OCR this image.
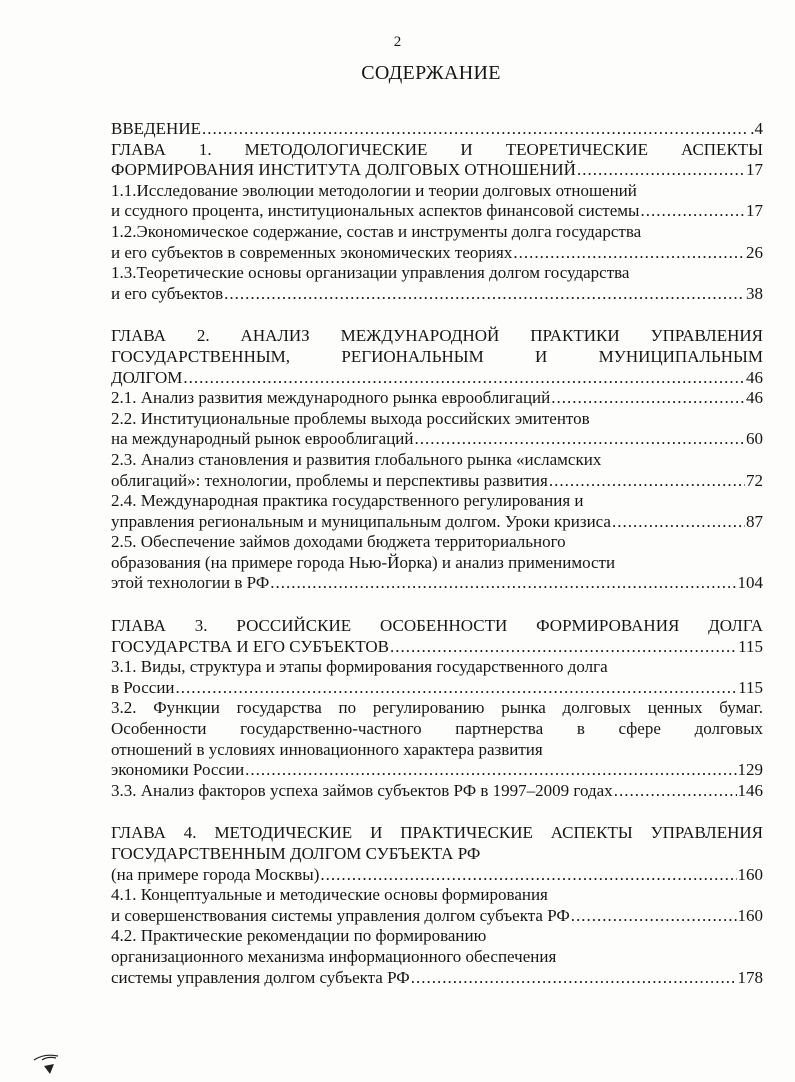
2
СОДЕРЖАНИЕ
ВВЕДЕНИЕ .....	.4
ГЛАВА 1. МЕТОДОЛОГИЧЕСКИЕ И ТЕОРЕТИЧЕСКИЕ АСПЕКТЫ
ФОРМИРОВАНИЯ ИНСТИТУТА ДОЛГОВЫХ ОТНОШЕНИЙ .....	17
1.1.Исследование эволюции методологии и теории долговых отношений
и ссудного процента, институциональных аспектов финансовой системы .....	17
1.2.Экономическое содержание, состав и инструменты долга государства
и его субъектов в современных экономических теориях .....	26
1.3.Теоретические основы организации управления долгом государства
и его субъектов .....	38
ГЛАВА 2. АНАЛИЗ МЕЖДУНАРОДНОЙ ПРАКТИКИ УПРАВЛЕНИЯ
ГОСУДАРСТВЕННЫМ, РЕГИОНАЛЬНЫМ И МУНИЦИПАЛЬНЫМ
ДОЛГОМ .....	46
2.1. Анализ развития международного рынка еврооблигаций .....	46
2.2. Институциональные проблемы выхода российских эмитентов
на международный рынок еврооблигаций .....	60
2.3. Анализ становления и развития глобального рынка «исламских
облигаций»: технологии, проблемы и перспективы развития .....	72
2.4. Международная практика государственного регулирования и
управления региональным и муниципальным долгом. Уроки кризиса .....	87
2.5. Обеспечение займов доходами бюджета территориального
образования (на примере города Нью-Йорка) и анализ применимости
этой технологии в РФ .....	104
ГЛАВА 3. РОССИЙСКИЕ ОСОБЕННОСТИ ФОРМИРОВАНИЯ ДОЛГА
ГОСУДАРСТВА И ЕГО СУБЪЕКТОВ .....	115
3.1. Виды, структура и этапы формирования государственного долга
в России .....	115
3.2. Функции государства по регулированию рынка долговых ценных бумаг.
Особенности государственно-частного партнерства в сфере долговых
отношений в условиях инновационного характера развития
экономики России .....	129
3.3. Анализ факторов успеха займов субъектов РФ в 1997–2009 годах .....	146
ГЛАВА 4. МЕТОДИЧЕСКИЕ И ПРАКТИЧЕСКИЕ АСПЕКТЫ УПРАВЛЕНИЯ
ГОСУДАРСТВЕННЫМ ДОЛГОМ СУБЪЕКТА РФ
(на примере города Москвы) .....	160
4.1. Концептуальные и методические основы формирования
и совершенствования системы управления долгом субъекта РФ .....	160
4.2. Практические рекомендации по формированию
организационного механизма информационного обеспечения
системы управления долгом субъекта РФ .....	178
